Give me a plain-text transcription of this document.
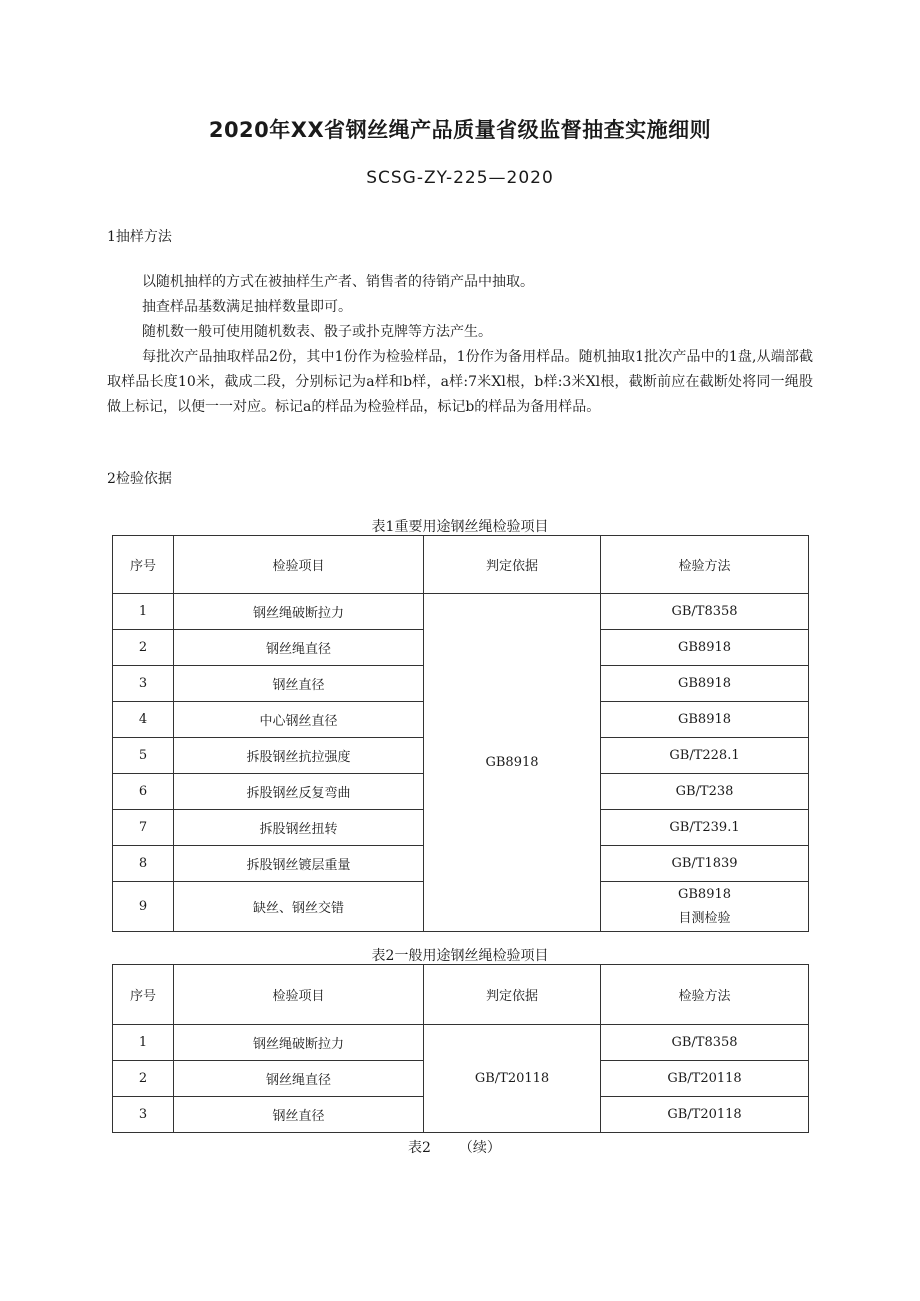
2020年XX省钢丝绳产品质量省级监督抽查实施细则
SCSG-ZY-225—2020
1抽样方法
以随机抽样的方式在被抽样生产者、销售者的待销产品中抽取。
抽查样品基数满足抽样数量即可。
随机数一般可使用随机数表、骰子或扑克牌等方法产生。
每批次产品抽取样品2份，其中1份作为检验样品，1份作为备用样品。随机抽取1批次产品中的1盘,从端部截取样品长度10米，截成二段，分别标记为a样和b样，a样:7米Xl根，b样:3米Xl根，截断前应在截断处将同一绳股做上标记，以便一一对应。标记a的样品为检验样品，标记b的样品为备用样品。
2检验依据
表1重要用途钢丝绳检验项目
序号	检验项目	判定依据	检验方法
1	钢丝绳破断拉力	GB8918	GB/T8358
2	钢丝绳直径		GB8918
3	钢丝直径		GB8918
4	中心钢丝直径		GB8918
5	拆股钢丝抗拉强度		GB/T228.1
6	拆股钢丝反复弯曲		GB/T238
7	拆股钢丝扭转		GB/T239.1
8	拆股钢丝镀层重量		GB/T1839
9	缺丝、钢丝交错		GB8918
目测检验
表2一般用途钢丝绳检验项目
序号	检验项目	判定依据	检验方法
1	钢丝绳破断拉力	GB/T20118	GB/T8358
2	钢丝绳直径		GB/T20118
3	钢丝直径		GB/T20118
表2 （续）
